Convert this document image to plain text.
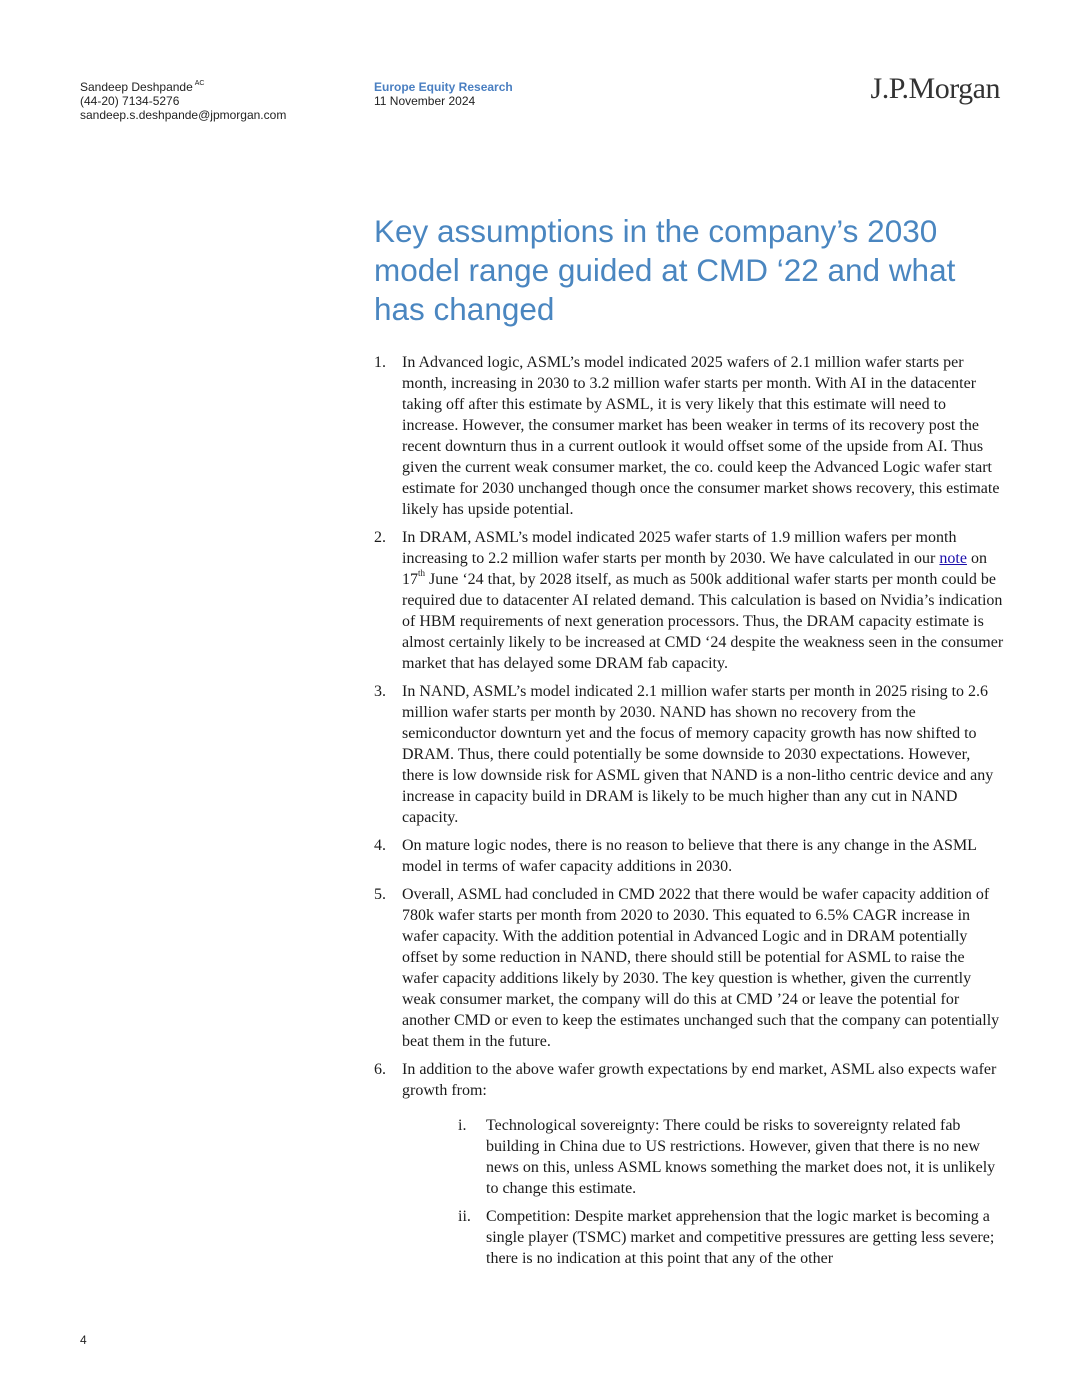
Sandeep Deshpande $^{AC}$
(44-20) 7134-5276
sandeep.s.deshpande@jpmorgan.com
Europe Equity Research
11 November 2024	J.P.Morgan
Key assumptions in the company’s 2030 model range guided at CMD ‘22 and what has changed
1. In Advanced logic, ASML’s model indicated 2025 wafers of 2.1 million wafer starts per month, increasing in 2030 to 3.2 million wafer starts per month. With AI in the datacenter taking off after this estimate by ASML, it is very likely that this estimate will need to increase. However, the consumer market has been weaker in terms of its recovery post the recent downturn thus in a current outlook it would offset some of the upside from AI. Thus given the current weak consumer market, the co. could keep the Advanced Logic wafer start estimate for 2030 unchanged though once the consumer market shows recovery, this estimate likely has upside potential.
2. In DRAM, ASML’s model indicated 2025 wafer starts of 1.9 million wafers per month increasing to 2.2 million wafer starts per month by 2030. We have calculated in our note on 17th June ‘24 that, by 2028 itself, as much as 500k additional wafer starts per month could be required due to datacenter AI related demand. This calculation is based on Nvidia’s indication of HBM requirements of next generation processors. Thus, the DRAM capacity estimate is almost certainly likely to be increased at CMD ‘24 despite the weakness seen in the consumer market that has delayed some DRAM fab capacity.
3. In NAND, ASML’s model indicated 2.1 million wafer starts per month in 2025 rising to 2.6 million wafer starts per month by 2030. NAND has shown no recovery from the semiconductor downturn yet and the focus of memory capacity growth has now shifted to DRAM. Thus, there could potentially be some downside to 2030 expectations. However, there is low downside risk for ASML given that NAND is a non-litho centric device and any increase in capacity build in DRAM is likely to be much higher than any cut in NAND capacity.
4. On mature logic nodes, there is no reason to believe that there is any change in the ASML model in terms of wafer capacity additions in 2030.
5. Overall, ASML had concluded in CMD 2022 that there would be wafer capacity addition of 780k wafer starts per month from 2020 to 2030. This equated to 6.5% CAGR increase in wafer capacity. With the addition potential in Advanced Logic and in DRAM potentially offset by some reduction in NAND, there should still be potential for ASML to raise the wafer capacity additions likely by 2030. The key question is whether, given the currently weak consumer market, the company will do this at CMD ’24 or leave the potential for another CMD or even to keep the estimates unchanged such that the company can potentially beat them in the future.
6. In addition to the above wafer growth expectations by end market, ASML also expects wafer growth from:
i. Technological sovereignty: There could be risks to sovereignty related fab building in China due to US restrictions. However, given that there is no new news on this, unless ASML knows something the market does not, it is unlikely to change this estimate.
ii. Competition: Despite market apprehension that the logic market is becoming a single player (TSMC) market and competitive pressures are getting less severe; there is no indication at this point that any of the other
4
